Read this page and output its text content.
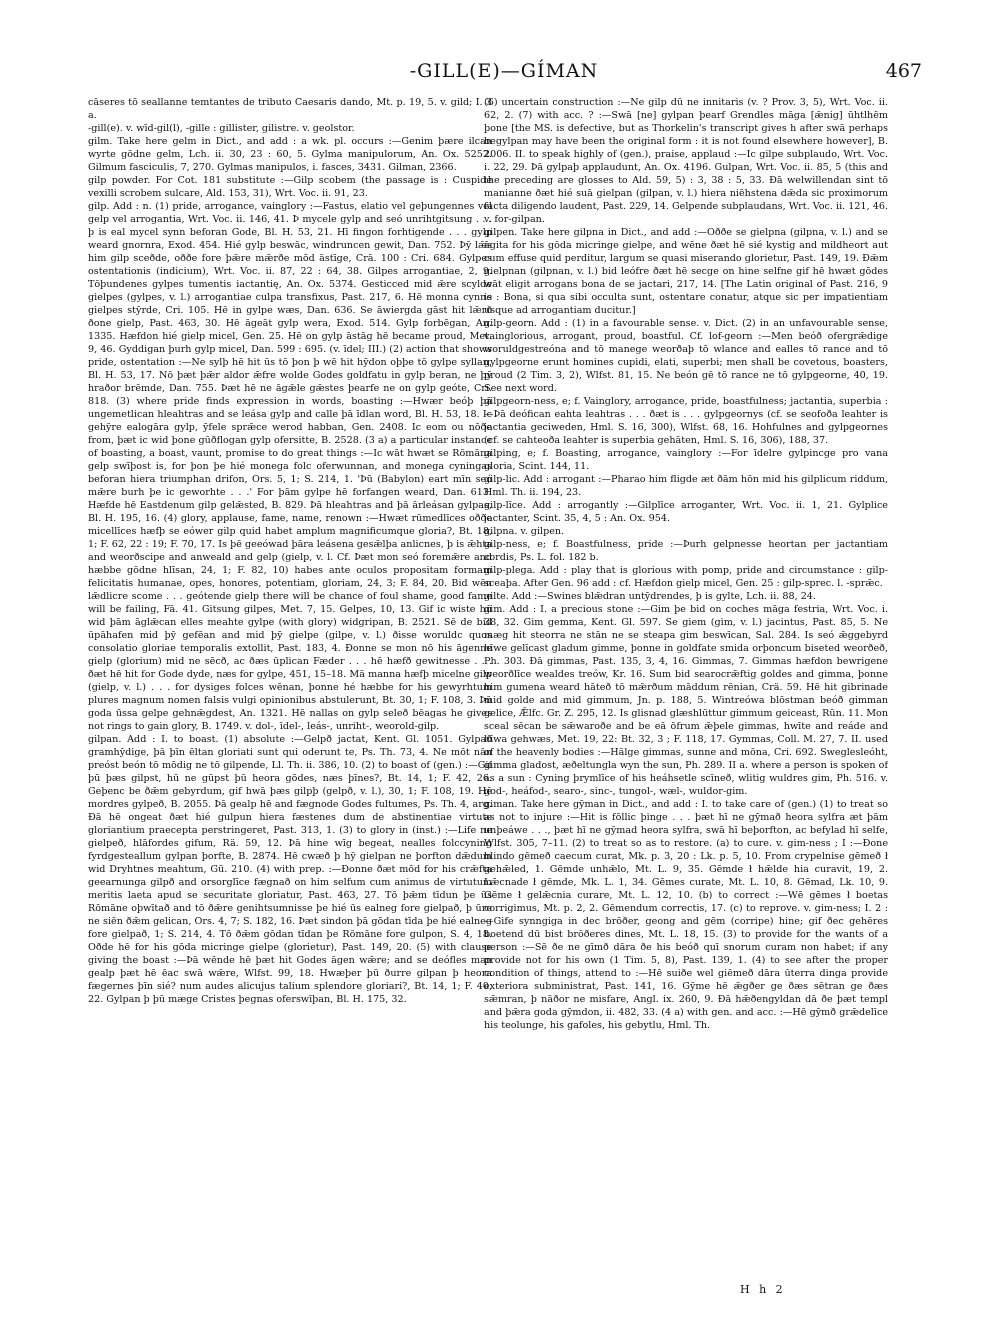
-GILL(E)—GÍMAN	467

cāseres tō seallanne temtantes de tributo Caesaris dando, Mt. p. 19, 5. v. gild; I. 3 a.

-gill(e). v. wīd-gil(l), -gille : gillister, gilistre. v. geolstor.

gilm. Take here gelm in Dict., and add : a wk. pl. occurs :—Genim þære ilcan wyrte gōdne gelm, Lch. ii. 30, 23 : 60, 5. Gylma manipulorum, An. Ox. 5252. Gilmum fasciculis, 7, 270. Gylmas manipulos, i. fasces, 3431. Gilman, 2366.

gilp powder. For Cot. 181 substitute :—Gilp scobem (the passage is : Cuspide vexilli scrobem sulcare, Ald. 153, 31), Wrt. Voc. ii. 91, 23.

gilp. Add : n. (1) pride, arrogance, vainglory :—Fastus, elatio vel geþungennes vel gelp vel arrogantia, Wrt. Voc. ii. 146, 41. Þ mycele gylp and seó unrihtgitsung . . . þ is eal mycel synn beforan Gode, Bl. H. 53, 21. Hī fingon forhtigende . . . gylp weard gnornra, Exod. 454. Hié gylp beswāc, windruncen gewit, Dan. 752. Þȳ lǣs him gilp sceðde, oððe fore þǣre mǣrðe mōd āstīge, Crā. 100 : Cri. 684. Gylpes ostentationis (indicium), Wrt. Voc. ii. 87, 22 : 64, 38. Gilpes arrogantiae, 2, 9. Tōþundenes gylpes tumentis iactantię, An. Ox. 5374. Gesticced mid ǣre scylde gielpes (gylpes, v. l.) arrogantiae culpa transfixus, Past. 217, 6. Hē monna cynne gielpes stȳrde, Cri. 105. Hē in gylpe wæs, Dan. 636. Se āwiergda gāst hit lǣrð ðone gielp, Past. 463, 30. Hē āgeāt gylp wera, Exod. 514. Gylp forbēgan, An. 1335. Hæfdon hié gielp micel, Gen. 25. Hē on gylp āstāg hē became proud, Met. 9, 46. Gyddigan þurh gylp micel, Dan. 599 : 695. (v. īdel; III.) (2) action that shows pride, ostentation :—Ne sylþ hē hit ūs tō þon þ wē hit hȳdon oþþe tō gylpe syllan, Bl. H. 53, 17. Nō þæt þǣr aldor ǣfre wolde Godes goldfatu in gylp beran, ne þȳ hraðor brēmde, Dan. 755. Þæt hē ne āgǣle gǣstes þearfe ne on gylp geóte, Cri. 818. (3) where pride finds expression in words, boasting :—Hwær beóþ þā ungemetlican hleahtras and se leása gylp and calle þā īdlan word, Bl. H. 53, 18. Ic gehȳre ealogāra gylp, ȳfele sprǣce werod habban, Gen. 2408. Ic eom ou nōðe from, þæt ic wid þone gūðflogan gylp ofersitte, B. 2528. (3 a) a particular instance of boasting, a boast, vaunt, promise to do great things :—Ic wāt hwæt se Rōmāna gelp swīþost is, for þon þe hié monega folc oferwunnan, and monega cyningas beforan hiera triumphan drifon, Ors. 5, 1; S. 214, 1. 'Þū (Babylon) eart mīn seó mǣre burh þe ic geworhte . . .' For þām gylpe hē forfangen weard, Dan. 613. Hæfde hē Eastdenum gilp gelǣsted, B. 829. Þā hleahtras and þā ārleásan gylpas, Bl. H. 195, 16. (4) glory, applause, fame, name, renown :—Hwæt rūmedlīces oððe micellīces hæfþ se eówer gilp quid habet amplum magnificumque gloria?, Bt. 18, 1; F. 62, 22 : 19; F. 70, 17. Is þē geeówad þāra leásena gesǣlþa anlicnes, þ is ǣhta and weorðscipe and anweald and gelp (gielp, v. l. Cf. Þæt mon seó foremǣre and hæbbe gōdne hlīsan, 24, 1; F. 82, 10) habes ante oculos propositam formam felicitatis humanae, opes, honores, potentiam, gloriam, 24, 3; F. 84, 20. Bid wēn lǣdlicre scome . . . geótende gielp there will be chance of foul shame, good fame will be failing, Fā. 41. Gitsung gilpes, Met. 7, 15. Gelpes, 10, 13. Gif ic wiste hū wid þām āglǣcan elles meahte gylpe (with glory) widgripan, B. 2521. Sē de bid ūpāhafen mid þȳ gefēan and mid þȳ gielpe (gilpe, v. l.) ðisse woruldc quos consolatio gloriae temporalis extollit, Past. 183, 4. Ðonne se mon nō his āgenne gielp (glorium) mid ne sēcð, ac ðæs ūplican Fæder . . . hē hæfð gewitnesse . . . ðæt hē hit for Gode dyde, næs for gylpe, 451, 15–18. Mā manna hæfþ micelne gilp (gielp, v. l.) . . . for dysiges folces wēnan, þonne hé hæbbe for his gewyrhtum plures magnum nomen falsis vulgi opinionibus abstulerunt, Bt. 30, 1; F. 108, 3. Þū goda ūssa gelpe gehnǣgdest, An. 1321. Hē nallas on gylp seleð bēagas he gives not rings to gain glory, B. 1749. v. dol-, īdel-, leás-, unriht-, weorold-gilp.

gilpan. Add : I. to boast. (1) absolute :—Gelpð jactat, Kent. Gl. 1051. Gylpað gramhȳdige, þā þīn ēltan gloriati sunt qui oderunt te, Ps. Th. 73, 4. Ne mōt nān preóst beón tō mōdig ne tō gilpende, Ll. Th. ii. 386, 10. (2) to boast of (gen.) :—Gif þū þæs gilpst, hū ne gūpst þū heora gōdes, næs þīnes?, Bt. 14, 1; F. 42, 26. Geþenc be ðǣm gebyrdum, gif hwā þæs gilpþ (gelpð, v. l.), 30, 1; F. 108, 19. Hē mordres gylpeð, B. 2055. Þā gealp hē and fægnode Godes fultumes, Ps. Th. 4, arg. Ðā hē ongeat ðæt hié gulpun hiera fæstenes dum de abstinentiae virtute gloriantium praecepta perstringeret, Past. 313, 1. (3) to glory in (inst.) :—Life ne gielpeð, hlāfordes gifum, Rä. 59, 12. Þā hine wīg begeat, nealles folccyning fyrdgesteallum gylpan þorfte, B. 2874. Hē cwæð þ hȳ gielpan ne þorfton dǣdum wid Dryhtnes meahtum, Gū. 210. (4) with prep. :—Ðonne ðæt mōd for his crǣfta geearnunga gilpð and orsorglīce fægnað on him selfum cum animus de virtutum meritis laeta apud se securitate gloriatur, Past. 463, 27. Tō þǣm tīdun þe ūs Rōmāne oþwītað and tō ðǣre genihtsumnisse þe hié ūs ealneg fore gielpað, þ ūre ne siēn ðǣm gelican, Ors. 4, 7; S. 182, 16. Þæt sindon þā gōdan tīda þe hié ealneg fore gielpað, 1; S. 214, 4. Tō ðǣm gōdan tīdan þe Rōmāne fore gulpon, S. 4, 18. Oðde hē for his gōda micringe gielpe (glorietur), Past. 149, 20. (5) with clause giving the boast :—Þā wēnde hē þæt hit Godes āgen wǣre; and se deófles man gealp þæt hē ēac swā wǣre, Wlfst. 99, 18. Hwæþer þū ðurre gilpan þ heora fægernes þīn sié? num audes alicujus talium splendore gloriari?, Bt. 14, 1; F. 40, 22. Gylpan þ þū mæge Cristes þegnas oferswīþan, Bl. H. 175, 32.

(6) uncertain construction :—Ne gilp dū ne innitaris (v. ? Prov. 3, 5), Wrt. Voc. ii. 62, 2. (7) with acc. ? :—Swā [ne] gylpan þearf Grendles māga [ǣnig] ūhtlhēm þone [the MS. is defective, but as Thorkelin's transcript gives h after swā perhaps begylpan may have been the original form : it is not found elsewhere however], B. 2006. II. to speak highly of (gen.), praise, applaud :—Ic gilpe subplaudo, Wrt. Voc. i. 22, 29. Þā gylpaþ applaudunt, An. Ox. 4196. Gulpan, Wrt. Voc. ii. 85, 5 (this and the preceding are glosses to Ald. 59, 5) : 3, 38 : 5, 33. Ðā welwillendan sint tō manianne ðæt hié suā gielpan (gilpan, v. l.) hiera niēhstena dǣda sic proximorum facta diligendo laudent, Past. 229, 14. Gelpende subplaudans, Wrt. Voc. ii. 121, 46. v. for-gilpan.

gilpen. Take here gilpna in Dict., and add :—Oððe se gielpna (gilpna, v. l.) and se āgita for his gōda micringe gielpe, and wēne ðæt hē sié kystig and mildheort aut cum effuse quid perditur, largum se quasi miserando glorietur, Past. 149, 19. Ðǣm gielpnan (gilpnan, v. l.) bid leófre ðæt hē secge on hine selfne gif hē hwæt gōdes wāt eligit arrogans bona de se jactari, 217, 14. [The Latin original of Past. 216, 9 is : Bona, si qua sibi occulta sunt, ostentare conatur, atque sic per impatientiam usque ad arrogantiam ducitur.]

gilp-georn. Add : (1) in a favourable sense. v. Dict. (2) in an unfavourable sense, vainglorious, arrogant, proud, boastful. Cf. lof-georn :—Men beóð ofergrǣdige woruldgestreóna and tō manege weorðaþ tō wlance and ealles tō rance and tō gylpgeorne erunt homines cupidi, elati, superbi; men shall be covetous, boasters, proud (2 Tim. 3, 2), Wlfst. 81, 15. Ne beón gē tō rance ne tō gylpgeorne, 40, 19. See next word.

gilpgeorn-ness, e; f. Vainglory, arrogance, pride, boastfulness; jactantia, superbia :—Þā deófican eahta leahtras . . . ðæt is . . . gylpgeornys (cf. se seofoða leahter is jactantia geciweden, Hml. S. 16, 300), Wlfst. 68, 16. Hohfulnes and gylpgeornes (cf. se cahteoða leahter is superbia gehāten, Hml. S. 16, 306), 188, 37.

gilping, e; f. Boasting, arrogance, vainglory :—For īdelre gylpincge pro vana gloria, Scint. 144, 11.

gilp-lic. Add : arrogant :—Pharao him fligde æt ðām hōn mid his gilplicum riddum, Hml. Th. ii. 194, 23.

gilp-līce. Add : arrogantly :—Gilplīce arroganter, Wrt. Voc. ii. 1, 21. Gylplice jactanter, Scint. 35, 4, 5 : An. Ox. 954.

gilpna. v. gilpen.

gilp-ness, e; f. Boastfulness, pride :—Þurh gelpnesse heortan per jactantiam cordis, Ps. L. fol. 182 b.

gilp-plega. Add : play that is glorious with pomp, pride and circumstance : gilp-sceaþa. After Gen. 96 add : cf. Hæfdon gielp micel, Gen. 25 : gilp-sprec. l. -sprǣc.

gilte. Add :—Swines blǣdran untȳdrendes, þ is gylte, Lch. ii. 88, 24.

gim. Add : I. a precious stone :—Gim þe bid on coches māga festria, Wrt. Voc. i. 38, 32. Gim gemma, Kent. Gl. 597. Se giem (gim, v. l.) jacintus, Past. 85, 5. Ne mæg hit steorra ne stān ne se steapa gim beswīcan, Sal. 284. Is seó ǣggebyrd hīwe gelīcast gladum gimme, þonne in goldfate smida orþoncum biseted weorðeð, Ph. 303. Ðā gimmas, Past. 135, 3, 4, 16. Gimmas, 7. Gimmas hæfdon bewrigene weorðlīce wealdes treów, Kr. 16. Sum bid searocrǣftig goldes and gimma, þonne him gumena weard hāteð tō mǣrðum māddum rēnian, Crä. 59. Hē hit gibrinade mid golde and mid gimmum, Jn. p. 188, 5. Wintreówa blōstman beóð gimman gelice, Ǣlfc. Gr. Z. 295, 12. Is glisnad glæshlūttur gimmum geiceast, Rūn. 11. Mon sceal sēcan be sǣwaroðe and be eā ōfrum ǣþele gimmas, hwīte and reáde and hīwa gehwæs, Met. 19, 22: Bt. 32, 3 ; F. 118, 17. Gymmas, Coll. M. 27, 7. II. used of the heavenly bodies :—Hālge gimmas, sunne and mōna, Cri. 692. Sweglesleóht, gimma gladost, æðeltungla wyn the sun, Ph. 289. II a. where a person is spoken of as a sun : Cyning þrymlīce of his heáhsetle scīneð, wlitig wuldres gim, Ph. 516. v. god-, heáfod-, searo-, sinc-, tungol-, wæl-, wuldor-gim.

giman. Take here gȳman in Dict., and add : I. to take care of (gen.) (1) to treat so as not to injure :—Hit is fōllic þinge . . . þæt hī ne gȳmað heora sylfra æt þām unþeáwe . . ., þæt hī ne gȳmad heora sylfra, swā hī beþorfton, ac befylad hī selfe, Wlfst. 305, 7–11. (2) to treat so as to restore. (a) to cure. v. gim-ness ; I :—Ðone blindo gēmeð caecum curat, Mk. p. 3, 20 : Lk. p. 5, 10. From crypelnise gēmeð ł gehǣled, 1. Gēmde unhǣlo, Mt. L. 9, 35. Gēmde ł hǣlde hia curavit, 19, 2. Lǣcnade ł gēmde, Mk. L. 1, 34. Gēmes curate, Mt. L. 10, 8. Gēmad, Lk. 10, 9. Gēme ł gelǣcnia curare, Mt. L. 12, 10. (b) to correct :—Wē gēmes ł boetas corrigimus, Mt. p. 2, 2. Gēmendum correctis, 17. (c) to reprove. v. gim-ness; I. 2 :—Gife synngiga in dec brōðer, geong and gēm (corripe) hine; gif ðec gehēres boetend dū bist brōðeres dines, Mt. L. 18, 15. (3) to provide for the wants of a person :—Sē ðe ne gīmð dāra ðe his beóð quī snorum curam non habet; if any provide not for his own (1 Tim. 5, 8), Past. 139, 1. (4) to see after the proper condition of things, attend to :—Hē suiðe wel giēmeð dāra ūterra dinga provide exteriora subministrat, Past. 141, 16. Gȳme hē ǣgðer ge ðæs sētran ge ðæs sǣmran, þ nāðor ne misfare, Angl. ix. 260, 9. Ðā hǣðengyldan dā ðe þæt templ and þǣra goda gȳmdon, ii. 482, 33. (4 a) with gen. and acc. :—Hē gȳmð grǣdelīce his teolunge, his gafoles, his gebytlu, Hml. Th.

H h 2
